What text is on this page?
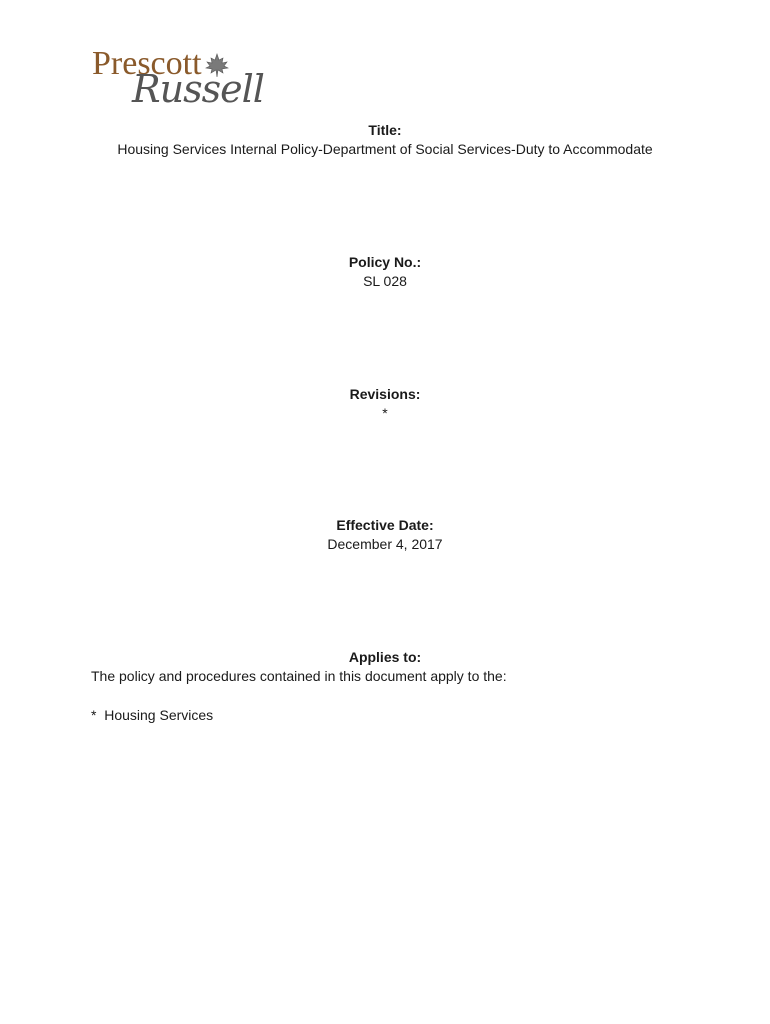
Prescott
Russell
Title:
Housing Services Internal Policy-Department of Social Services-Duty to Accommodate
Policy No.:
SL 028
Revisions:
*
Effective Date:
December 4, 2017
Applies to:
The policy and procedures contained in this document apply to the:
*  Housing Services
